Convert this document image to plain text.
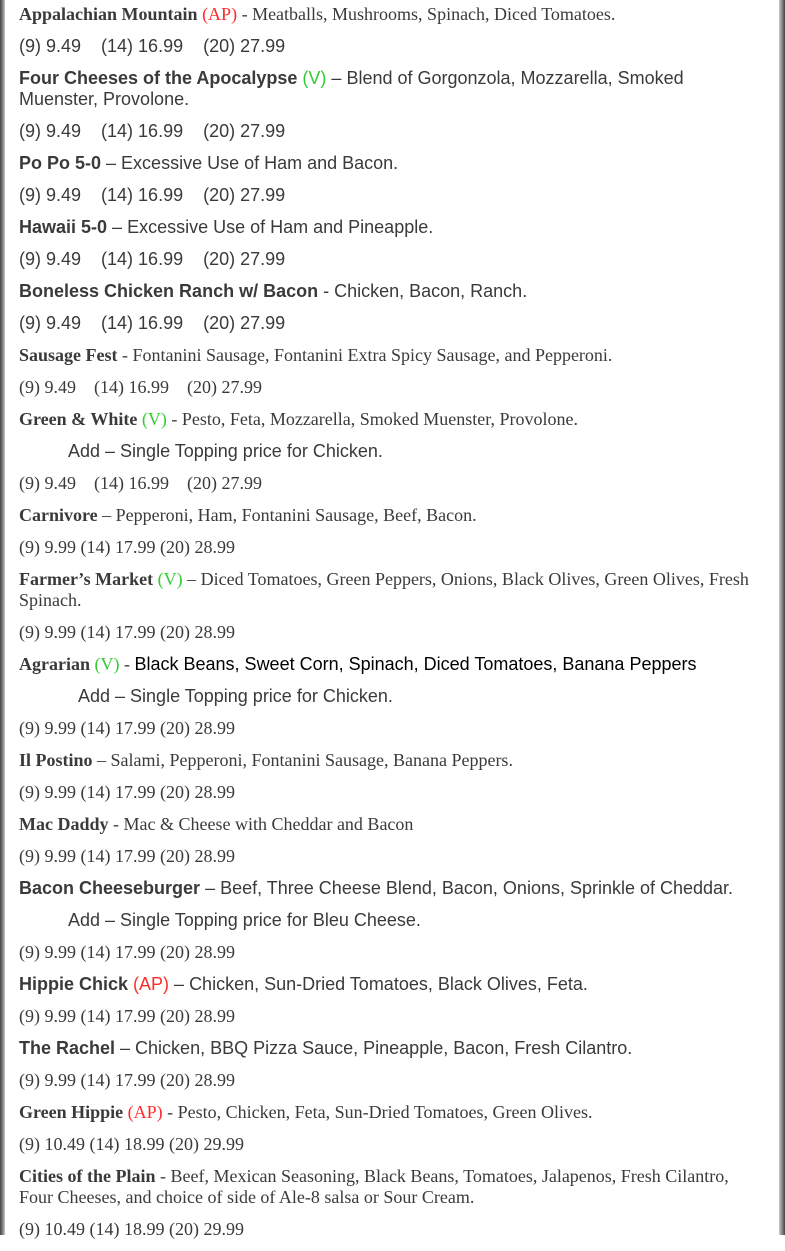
Appalachian Mountain (AP) - Meatballs, Mushrooms, Spinach, Diced Tomatoes.
(9) 9.49    (14) 16.99    (20) 27.99
Four Cheeses of the Apocalypse (V) – Blend of Gorgonzola, Mozzarella, Smoked Muenster, Provolone.
(9) 9.49    (14) 16.99    (20) 27.99
Po Po 5-0 – Excessive Use of Ham and Bacon.
(9) 9.49    (14) 16.99    (20) 27.99
Hawaii 5-0 – Excessive Use of Ham and Pineapple.
(9) 9.49    (14) 16.99    (20) 27.99
Boneless Chicken Ranch w/ Bacon - Chicken, Bacon, Ranch.
(9) 9.49    (14) 16.99    (20) 27.99
Sausage Fest - Fontanini Sausage, Fontanini Extra Spicy Sausage, and Pepperoni.
(9) 9.49    (14) 16.99    (20) 27.99
Green & White (V) - Pesto, Feta, Mozzarella, Smoked Muenster, Provolone.
Add – Single Topping price for Chicken.
(9) 9.49    (14) 16.99    (20) 27.99
Carnivore – Pepperoni, Ham, Fontanini Sausage, Beef, Bacon.
(9) 9.99 (14) 17.99 (20) 28.99
Farmer’s Market (V) – Diced Tomatoes, Green Peppers, Onions, Black Olives, Green Olives, Fresh Spinach.
(9) 9.99 (14) 17.99 (20) 28.99
Agrarian (V) - Black Beans, Sweet Corn, Spinach, Diced Tomatoes, Banana Peppers
Add – Single Topping price for Chicken.
(9) 9.99 (14) 17.99 (20) 28.99
Il Postino – Salami, Pepperoni, Fontanini Sausage, Banana Peppers.
(9) 9.99 (14) 17.99 (20) 28.99
Mac Daddy - Mac & Cheese with Cheddar and Bacon
(9) 9.99 (14) 17.99 (20) 28.99
Bacon Cheeseburger – Beef, Three Cheese Blend, Bacon, Onions, Sprinkle of Cheddar.
Add – Single Topping price for Bleu Cheese.
(9) 9.99 (14) 17.99 (20) 28.99
Hippie Chick (AP) – Chicken, Sun-Dried Tomatoes, Black Olives, Feta.
(9) 9.99 (14) 17.99 (20) 28.99
The Rachel – Chicken, BBQ Pizza Sauce, Pineapple, Bacon, Fresh Cilantro.
(9) 9.99 (14) 17.99 (20) 28.99
Green Hippie (AP) - Pesto, Chicken, Feta, Sun-Dried Tomatoes, Green Olives.
(9) 10.49 (14) 18.99 (20) 29.99
Cities of the Plain - Beef, Mexican Seasoning, Black Beans, Tomatoes, Jalapenos, Fresh Cilantro, Four Cheeses, and choice of side of Ale-8 salsa or Sour Cream.
(9) 10.49 (14) 18.99 (20) 29.99
